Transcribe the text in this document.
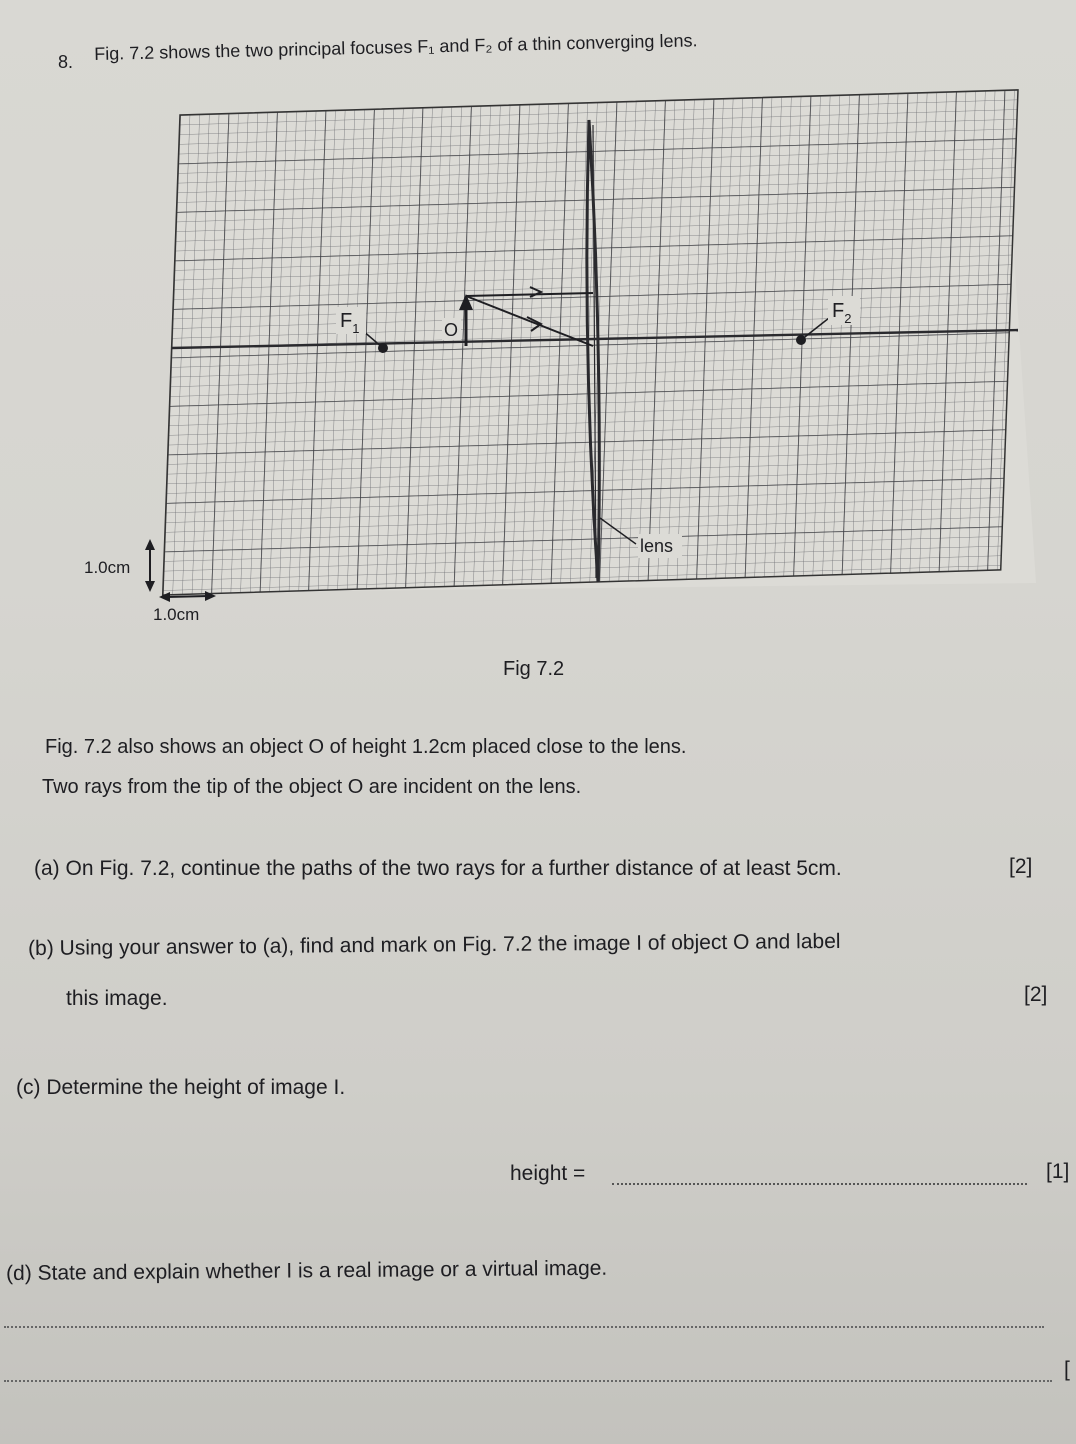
8. Fig. 7.2 shows the two principal focuses F₁ and F₂ of a thin converging lens.
$F_1$
$F_2$
O
lens
1.0cm
1.0cm
Fig 7.2
Fig. 7.2 also shows an object O of height 1.2cm placed close to the lens.
Two rays from the tip of the object O are incident on the lens.
(a) On Fig. 7.2, continue the paths of the two rays for a further distance of at least 5cm.	[2]
(b) Using your answer to (a), find and mark on Fig. 7.2 the image I of object O and label
this image.	[2]
(c) Determine the height of image I.
height =	[1]
(d) State and explain whether I is a real image or a virtual image.
[
